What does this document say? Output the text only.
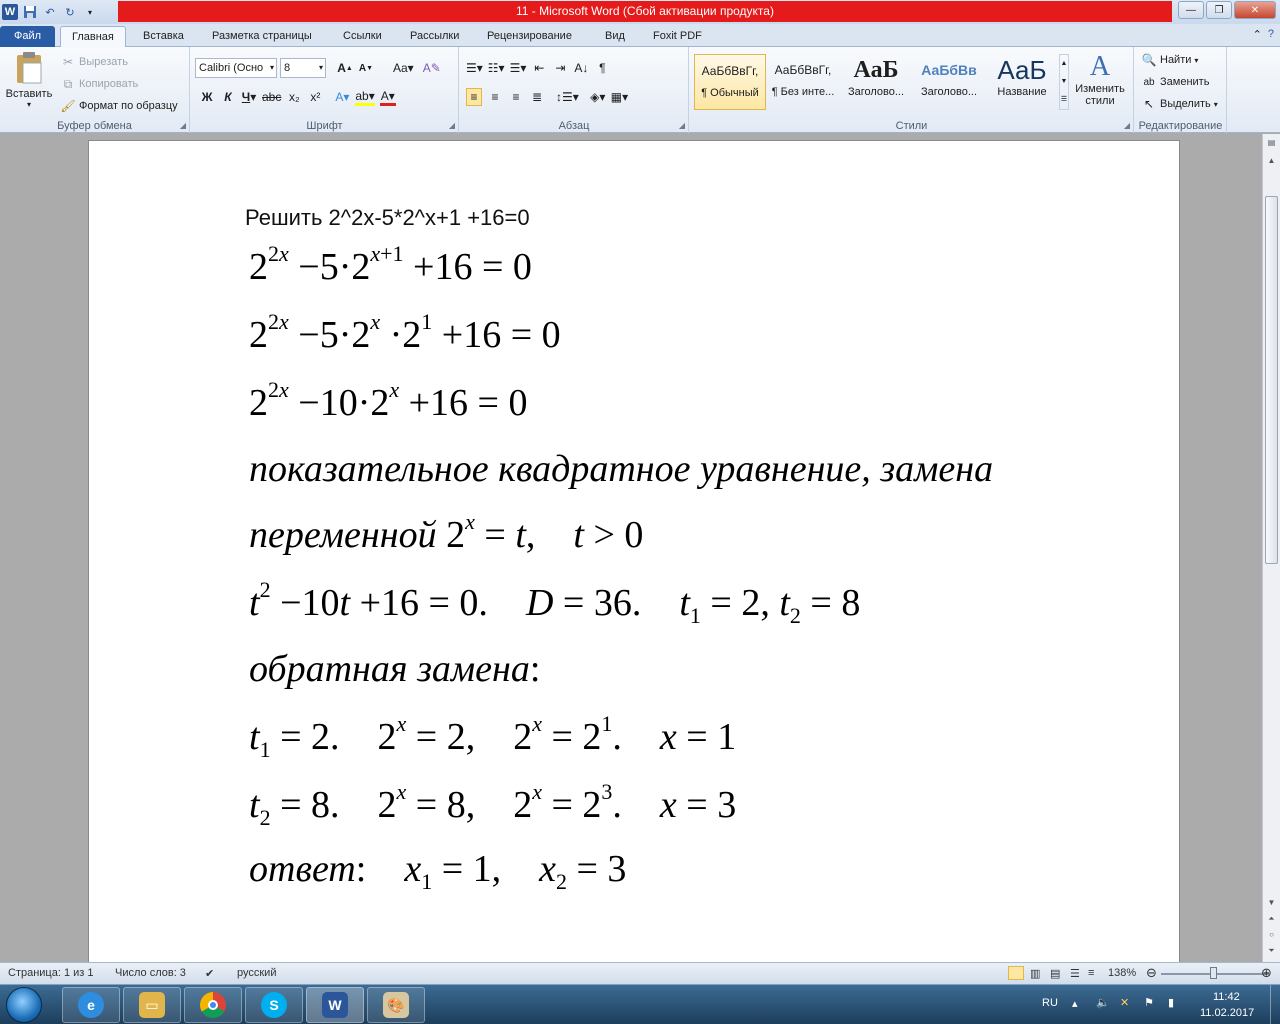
W	↶ ↻	▾	11 - Microsoft Word (Сбой активации продукта)	—	❐	✕
Файл	Главная	Вставка	Разметка страницы	Ссылки	Рассылки	Рецензирование	Вид	Foxit PDF	⌃ ?
Вставить
▾
✂ Вырезать
⧉ Копировать
🖌 Формат по образцу
Буфер обмена	◢
Calibri (Осно ▾ 8	▾ A ▲ A ▼ Aa▾ A✎
Ж К Ч ▾ abc x₂ x² A▾ ab▾ A▾
Шрифт	◢
☰▾ ☷▾ ☰▾ ⇤ ⇥ A↓ ¶
≡	≡	≡	≣ ↕☰▾ ◈▾ ▦▾
Абзац	◢
АаБбВвГг,
¶ Обычный
АаБбВвГг,
¶ Без инте...
АаБ
Заголово...
АаБбВв
Заголово...
АаБ
Название
▲
▼
☰
A
Изменить стили
Стили	◢
🔍 Найти ▾
ab Заменить
↖ Выделить ▾
Редактирование
Решить 2^2x-5*2^x+1 +16=0
$2^{2x} -5\cdot 2^{x+1} +16 = 0$
$2^{2x} -5\cdot 2^x \cdot 2^1 +16 = 0$
$2^{2x} -10\cdot 2^x +16 = 0$
показательное квадратное уравнение, замена
переменной $2^x = t$,    t > 0
$t^2 -10t +16 = 0$.    D = 36.    $t_1 = 2$, $t_2 = 8$
обратная замена:
$t_1 = 2$.    $2^x = 2$,    $2^x = 2^1$.    x = 1
$t_2 = 8$.    $2^x = 8$,    $2^x = 2^3$.    x = 3
ответ:    $x_1 = 1$,    $x_2 = 3$
▤
▲
▼
⏶
○
⏷
Страница: 1 из 1 Число слов: 3 ✔ русский	▥ ▤ ☰ ≡ 138% ⊖	⊕
e	▭	S	W	🎨	RU ▴ 🔈 ✕ ⚑ ▮	11:42
11.02.2017
